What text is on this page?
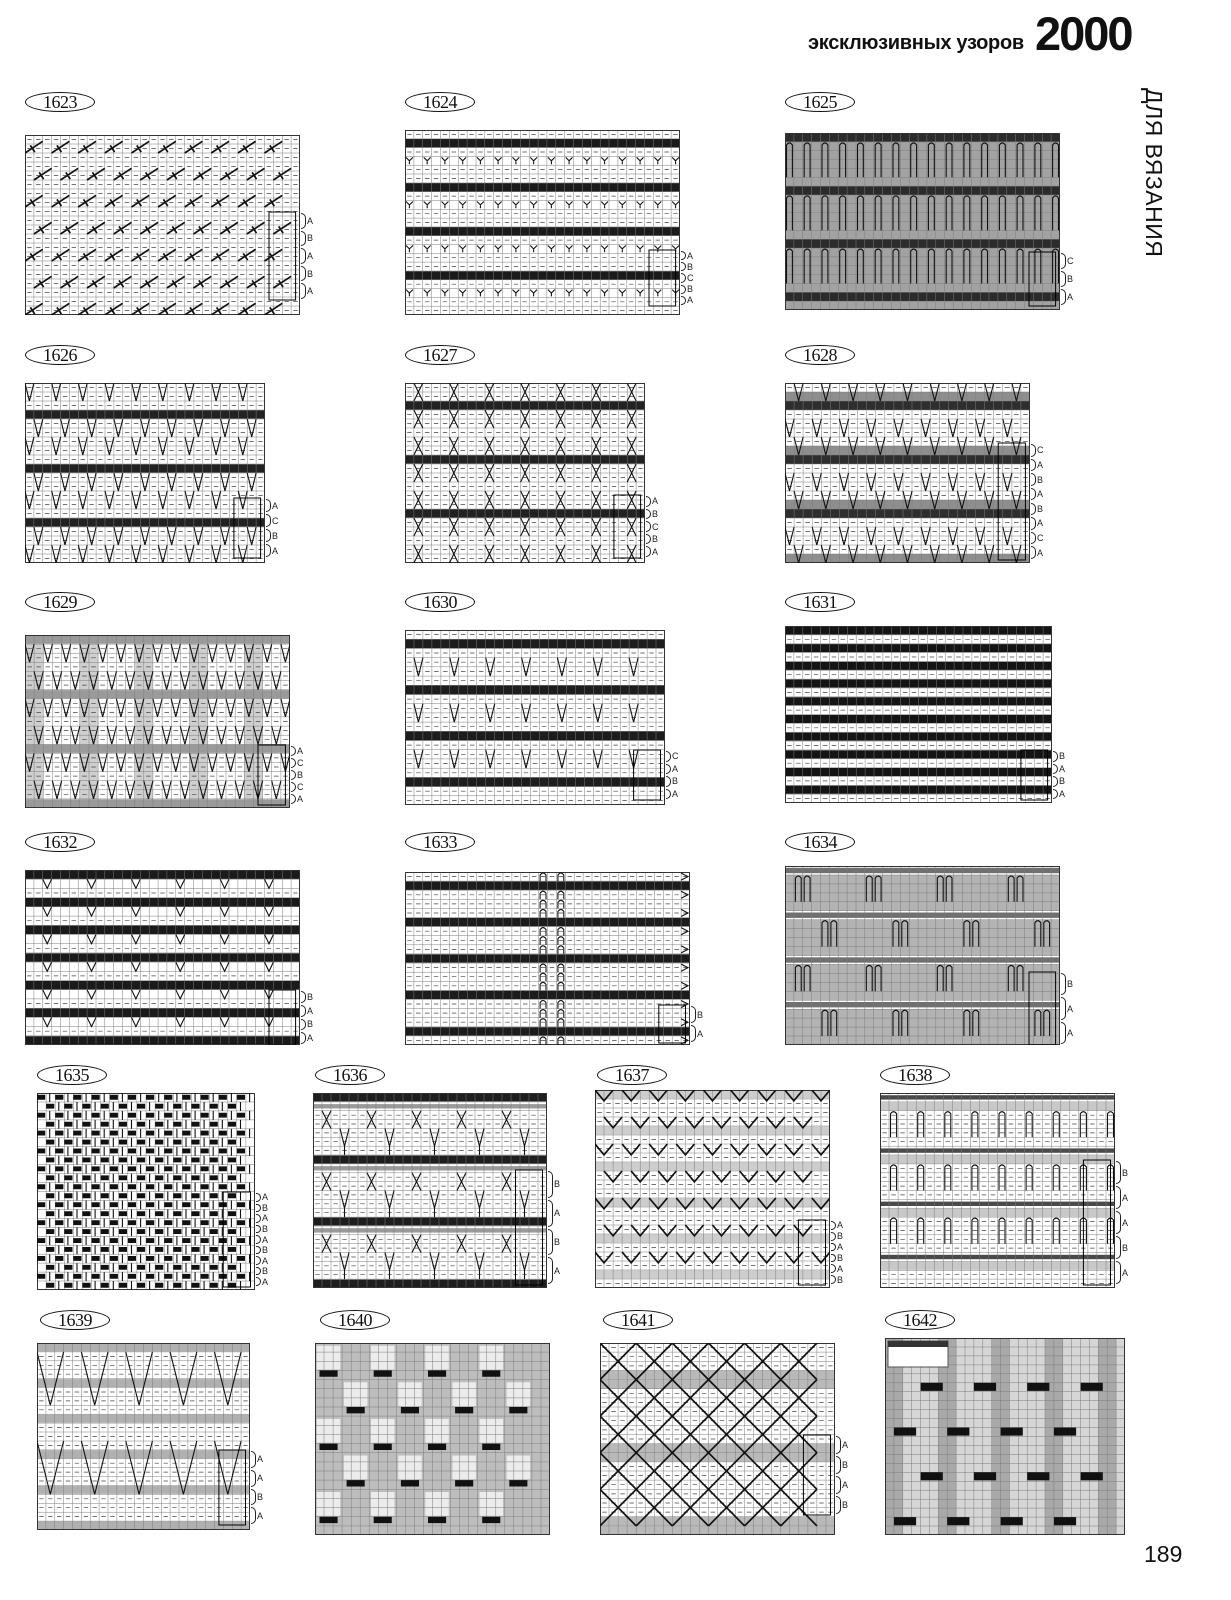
эксклюзивных узоров 2000
ДЛЯ ВЯЗАНИЯ
189
1623
A
B
A
B
A
1624
A
B
C
B
A
1625
C
B
A
1626
A
C
B
A
1627
A
B
C
B
A
1628
C
A
B
A
B
A
C
A
1629
A
C
B
C
A
1630
C
A
B
A
1631
B
A
B
A
1632
B
A
B
A
1633
B
A
1634
B
A
A
1635
A
B
A
B
A
B
A
B
A
1636
B
A
B
A
1637
A
B
A
B
A
B
1638
B
A
A
B
A
1639
A
A
B
A
1640	1641
A
B
A
B
1642
